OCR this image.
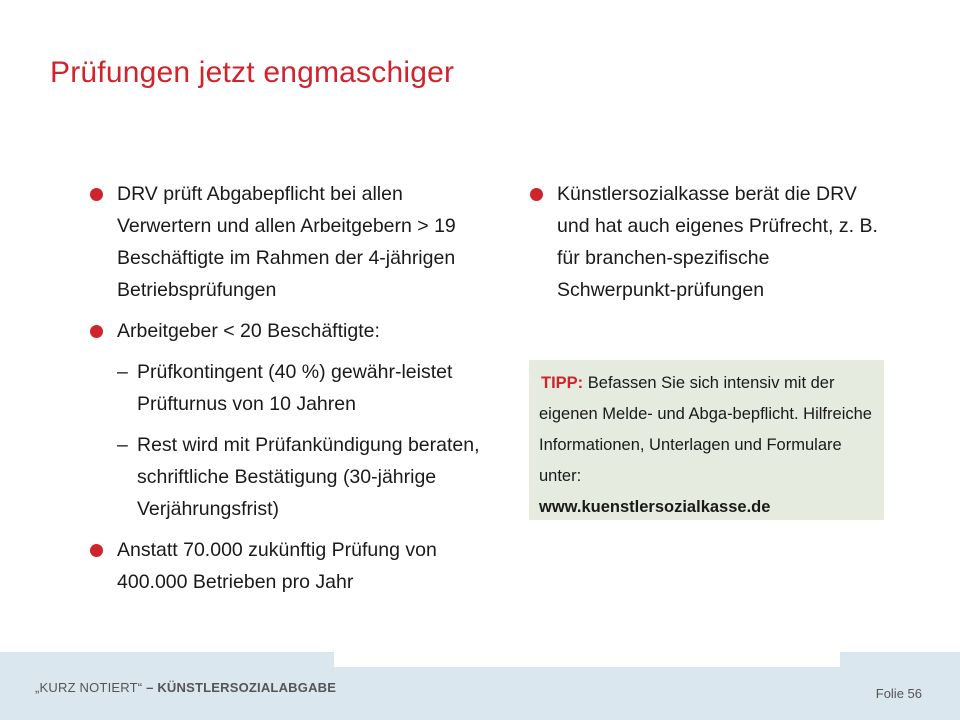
Prüfungen jetzt engmaschiger
DRV prüft Abgabepflicht bei allen Verwertern und allen Arbeitgebern > 19 Beschäftigte im Rahmen der 4-jährigen Betriebsprüfungen
Arbeitgeber < 20 Beschäftigte:
– Prüfkontingent (40 %) gewähr-leistet Prüfturnus von 10 Jahren
– Rest wird mit Prüfankündigung beraten, schriftliche Bestätigung (30-jährige Verjährungsfrist)
Anstatt 70.000 zukünftig Prüfung von 400.000 Betrieben pro Jahr
Künstlersozialkasse berät die DRV und hat auch eigenes Prüfrecht, z. B. für branchen-spezifische Schwerpunkt-prüfungen
TIPP: Befassen Sie sich intensiv mit der eigenen Melde- und Abga-bepflicht. Hilfreiche Informationen, Unterlagen und Formulare unter:
www.kuenstlersozialkasse.de
„KURZ NOTIERT“ – KÜNSTLERSOZIALABGABE	Folie 56
